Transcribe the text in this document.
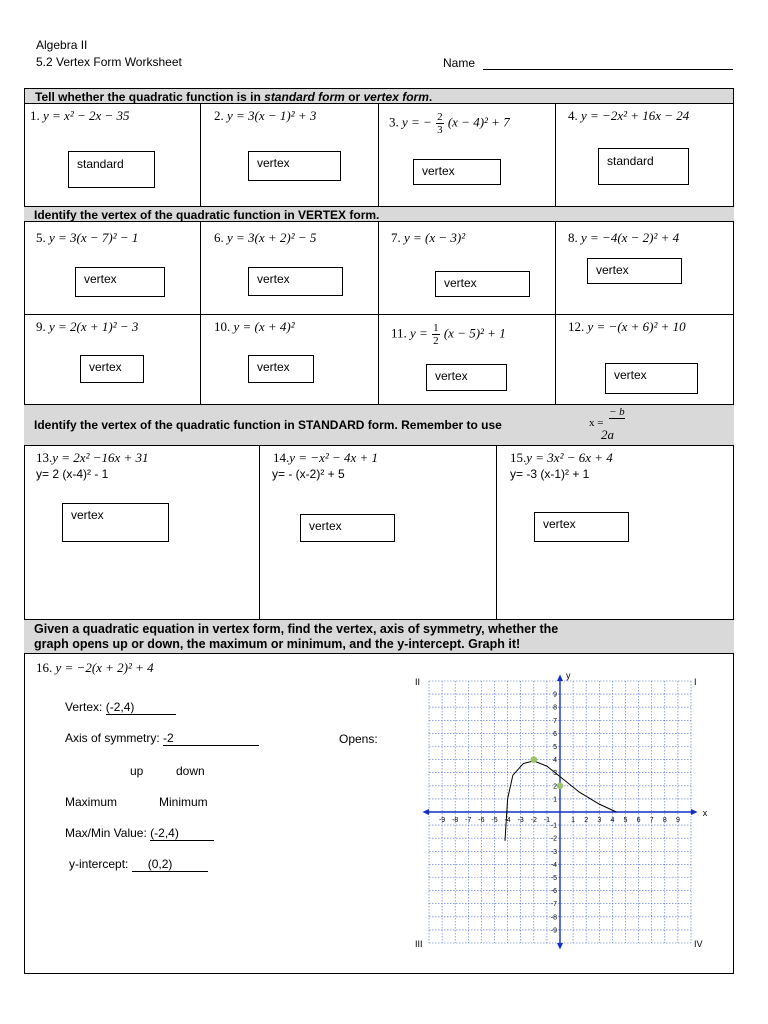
Algebra II
5.2 Vertex Form Worksheet	Name
Tell whether the quadratic function is in standard form or vertex form.
Identify the vertex of the quadratic function in VERTEX form.
Identify the vertex of the quadratic function in STANDARD form. Remember to use	x =
− b
2a
Given a quadratic equation in vertex form, find the vertex, axis of symmetry, whether the
graph opens up or down, the maximum or minimum, and the y-intercept. Graph it!
1. y = x² − 2x − 35
standard
2. y = 3(x − 1)² + 3
vertex
3. y = − $\frac{2}{3} (x - 4)^2 + 7$
vertex
4. y = −2x² + 16x − 24
standard
5. y = 3(x − 7)² − 1
vertex
6. y = 3(x + 2)² − 5
vertex
7. y = (x − 3)²
vertex
8. y = −4(x − 2)² + 4
vertex
9. y = 2(x + 1)² − 3
vertex
10. y = (x + 4)²
vertex
11. $y = \frac{1}{2} (x - 5)^2 + 1$
vertex
12. y = −(x + 6)² + 10
vertex
13.y = 2x² −16x + 31
y= 2 (x-4)² - 1
vertex
14.y = −x² − 4x + 1
y= - (x-2)² + 5
vertex
15.y = 3x² − 6x + 4
y= -3 (x-1)² + 1
vertex
16. y = −2(x + 2)² + 4
Vertex: (-2,4)
Axis of symmetry: -2	Opens:
up	down
Maximum	Minimum
Max/Min Value: (-2,4)
y-intercept: (0,2)
-9 -8 -7 -6 -5 -4 -3 -2 -1	1 2 3 4 5 6 7 8 9
9
8
7
6
5
4
3
2
1
-1
-2
-3
-4
-5
-6
-7
-8
-9
x
y
II	I
III	IV
